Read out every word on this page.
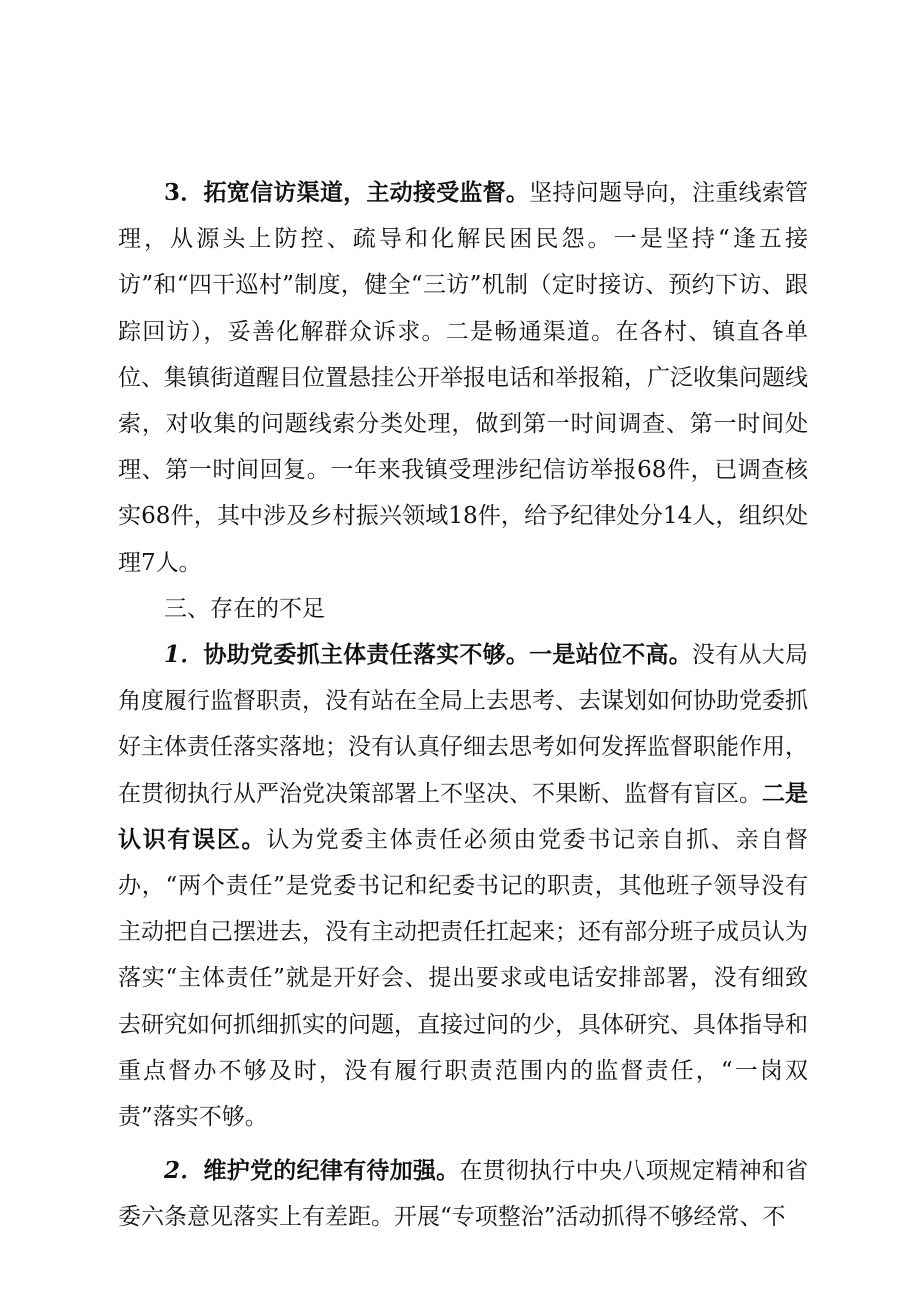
3．拓宽信访渠道，主动接受监督。坚持问题导向，注重线索管理，从源头上防控、疏导和化解民困民怨。一是坚持“逢五接访”和“四干巡村”制度，健全“三访”机制（定时接访、预约下访、跟踪回访），妥善化解群众诉求。二是畅通渠道。在各村、镇直各单位、集镇街道醒目位置悬挂公开举报电话和举报箱，广泛收集问题线索，对收集的问题线索分类处理，做到第一时间调查、第一时间处理、第一时间回复。一年来我镇受理涉纪信访举报68件，已调查核实68件，其中涉及乡村振兴领域18件，给予纪律处分14人，组织处理7人。

三、存在的不足

1．协助党委抓主体责任落实不够。一是站位不高。没有从大局角度履行监督职责，没有站在全局上去思考、去谋划如何协助党委抓好主体责任落实落地；没有认真仔细去思考如何发挥监督职能作用，在贯彻执行从严治党决策部署上不坚决、不果断、监督有盲区。二是认识有误区。认为党委主体责任必须由党委书记亲自抓、亲自督办，“两个责任”是党委书记和纪委书记的职责，其他班子领导没有主动把自己摆进去，没有主动把责任扛起来；还有部分班子成员认为落实“主体责任”就是开好会、提出要求或电话安排部署，没有细致去研究如何抓细抓实的问题，直接过问的少，具体研究、具体指导和重点督办不够及时，没有履行职责范围内的监督责任，“一岗双责”落实不够。

2．维护党的纪律有待加强。在贯彻执行中央八项规定精神和省委六条意见落实上有差距。开展“专项整治”活动抓得不够经常、不
